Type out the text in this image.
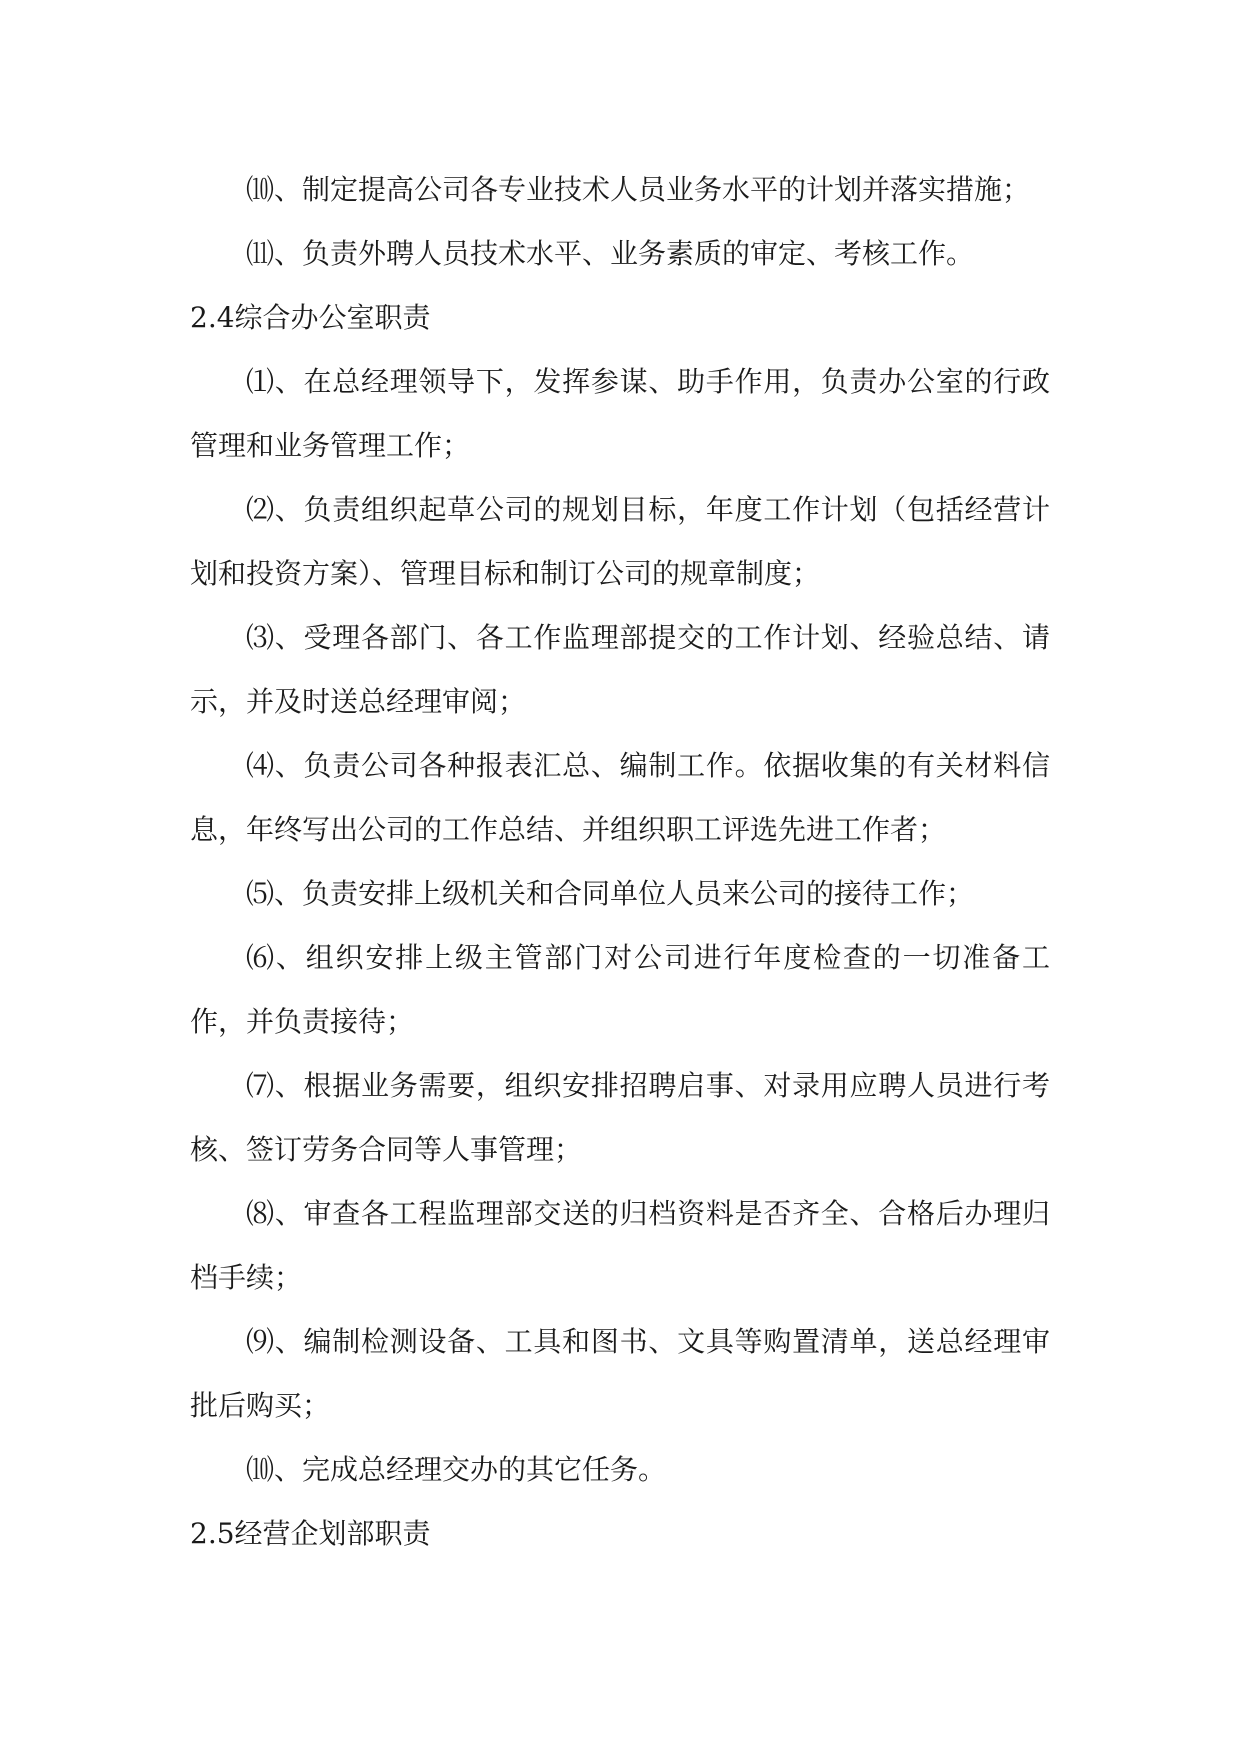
⑽、制定提高公司各专业技术人员业务水平的计划并落实措施；

⑾、负责外聘人员技术水平、业务素质的审定、考核工作。

2.4综合办公室职责

⑴、在总经理领导下，发挥参谋、助手作用，负责办公室的行政管理和业务管理工作；

⑵、负责组织起草公司的规划目标，年度工作计划（包括经营计划和投资方案）、管理目标和制订公司的规章制度；

⑶、受理各部门、各工作监理部提交的工作计划、经验总结、请示，并及时送总经理审阅；

⑷、负责公司各种报表汇总、编制工作。依据收集的有关材料信息，年终写出公司的工作总结、并组织职工评选先进工作者；

⑸、负责安排上级机关和合同单位人员来公司的接待工作；

⑹、组织安排上级主管部门对公司进行年度检查的一切准备工作，并负责接待；

⑺、根据业务需要，组织安排招聘启事、对录用应聘人员进行考核、签订劳务合同等人事管理；

⑻、审查各工程监理部交送的归档资料是否齐全、合格后办理归档手续；

⑼、编制检测设备、工具和图书、文具等购置清单，送总经理审批后购买；

⑽、完成总经理交办的其它任务。

2.5经营企划部职责
